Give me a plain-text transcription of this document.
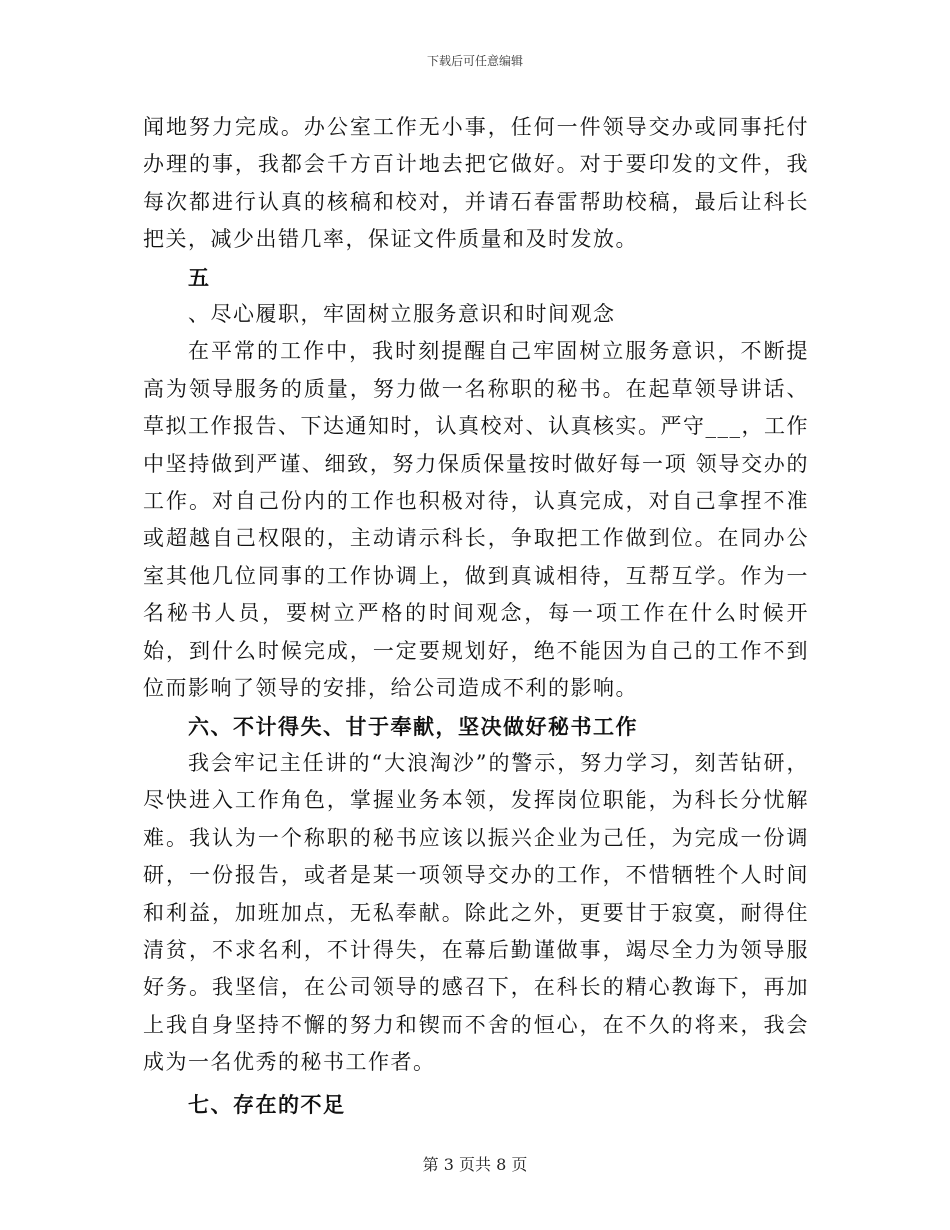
下载后可任意编辑

闻地努力完成。办公室工作无小事，任何一件领导交办或同事托付办理的事，我都会千方百计地去把它做好。对于要印发的文件，我每次都进行认真的核稿和校对，并请石春雷帮助校稿，最后让科长把关，减少出错几率，保证文件质量和及时发放。

五

、尽心履职，牢固树立服务意识和时间观念

在平常的工作中，我时刻提醒自己牢固树立服务意识，不断提高为领导服务的质量，努力做一名称职的秘书。在起草领导讲话、草拟工作报告、下达通知时，认真校对、认真核实。严守___，工作中坚持做到严谨、细致，努力保质保量按时做好每一项 领导交办的工作。对自己份内的工作也积极对待，认真完成，对自己拿捏不准或超越自己权限的，主动请示科长，争取把工作做到位。在同办公室其他几位同事的工作协调上，做到真诚相待，互帮互学。作为一名秘书人员，要树立严格的时间观念，每一项工作在什么时候开始，到什么时候完成，一定要规划好，绝不能因为自己的工作不到位而影响了领导的安排，给公司造成不利的影响。

六、不计得失、甘于奉献，坚决做好秘书工作

我会牢记主任讲的“大浪淘沙”的警示，努力学习，刻苦钻研，尽快进入工作角色，掌握业务本领，发挥岗位职能，为科长分忧解难。我认为一个称职的秘书应该以振兴企业为己任，为完成一份调研，一份报告，或者是某一项领导交办的工作，不惜牺牲个人时间和利益，加班加点，无私奉献。除此之外，更要甘于寂寞，耐得住清贫，不求名利，不计得失，在幕后勤谨做事，竭尽全力为领导服好务。我坚信，在公司领导的感召下，在科长的精心教诲下，再加上我自身坚持不懈的努力和锲而不舍的恒心，在不久的将来，我会成为一名优秀的秘书工作者。

七、存在的不足

第 3 页共 8 页
